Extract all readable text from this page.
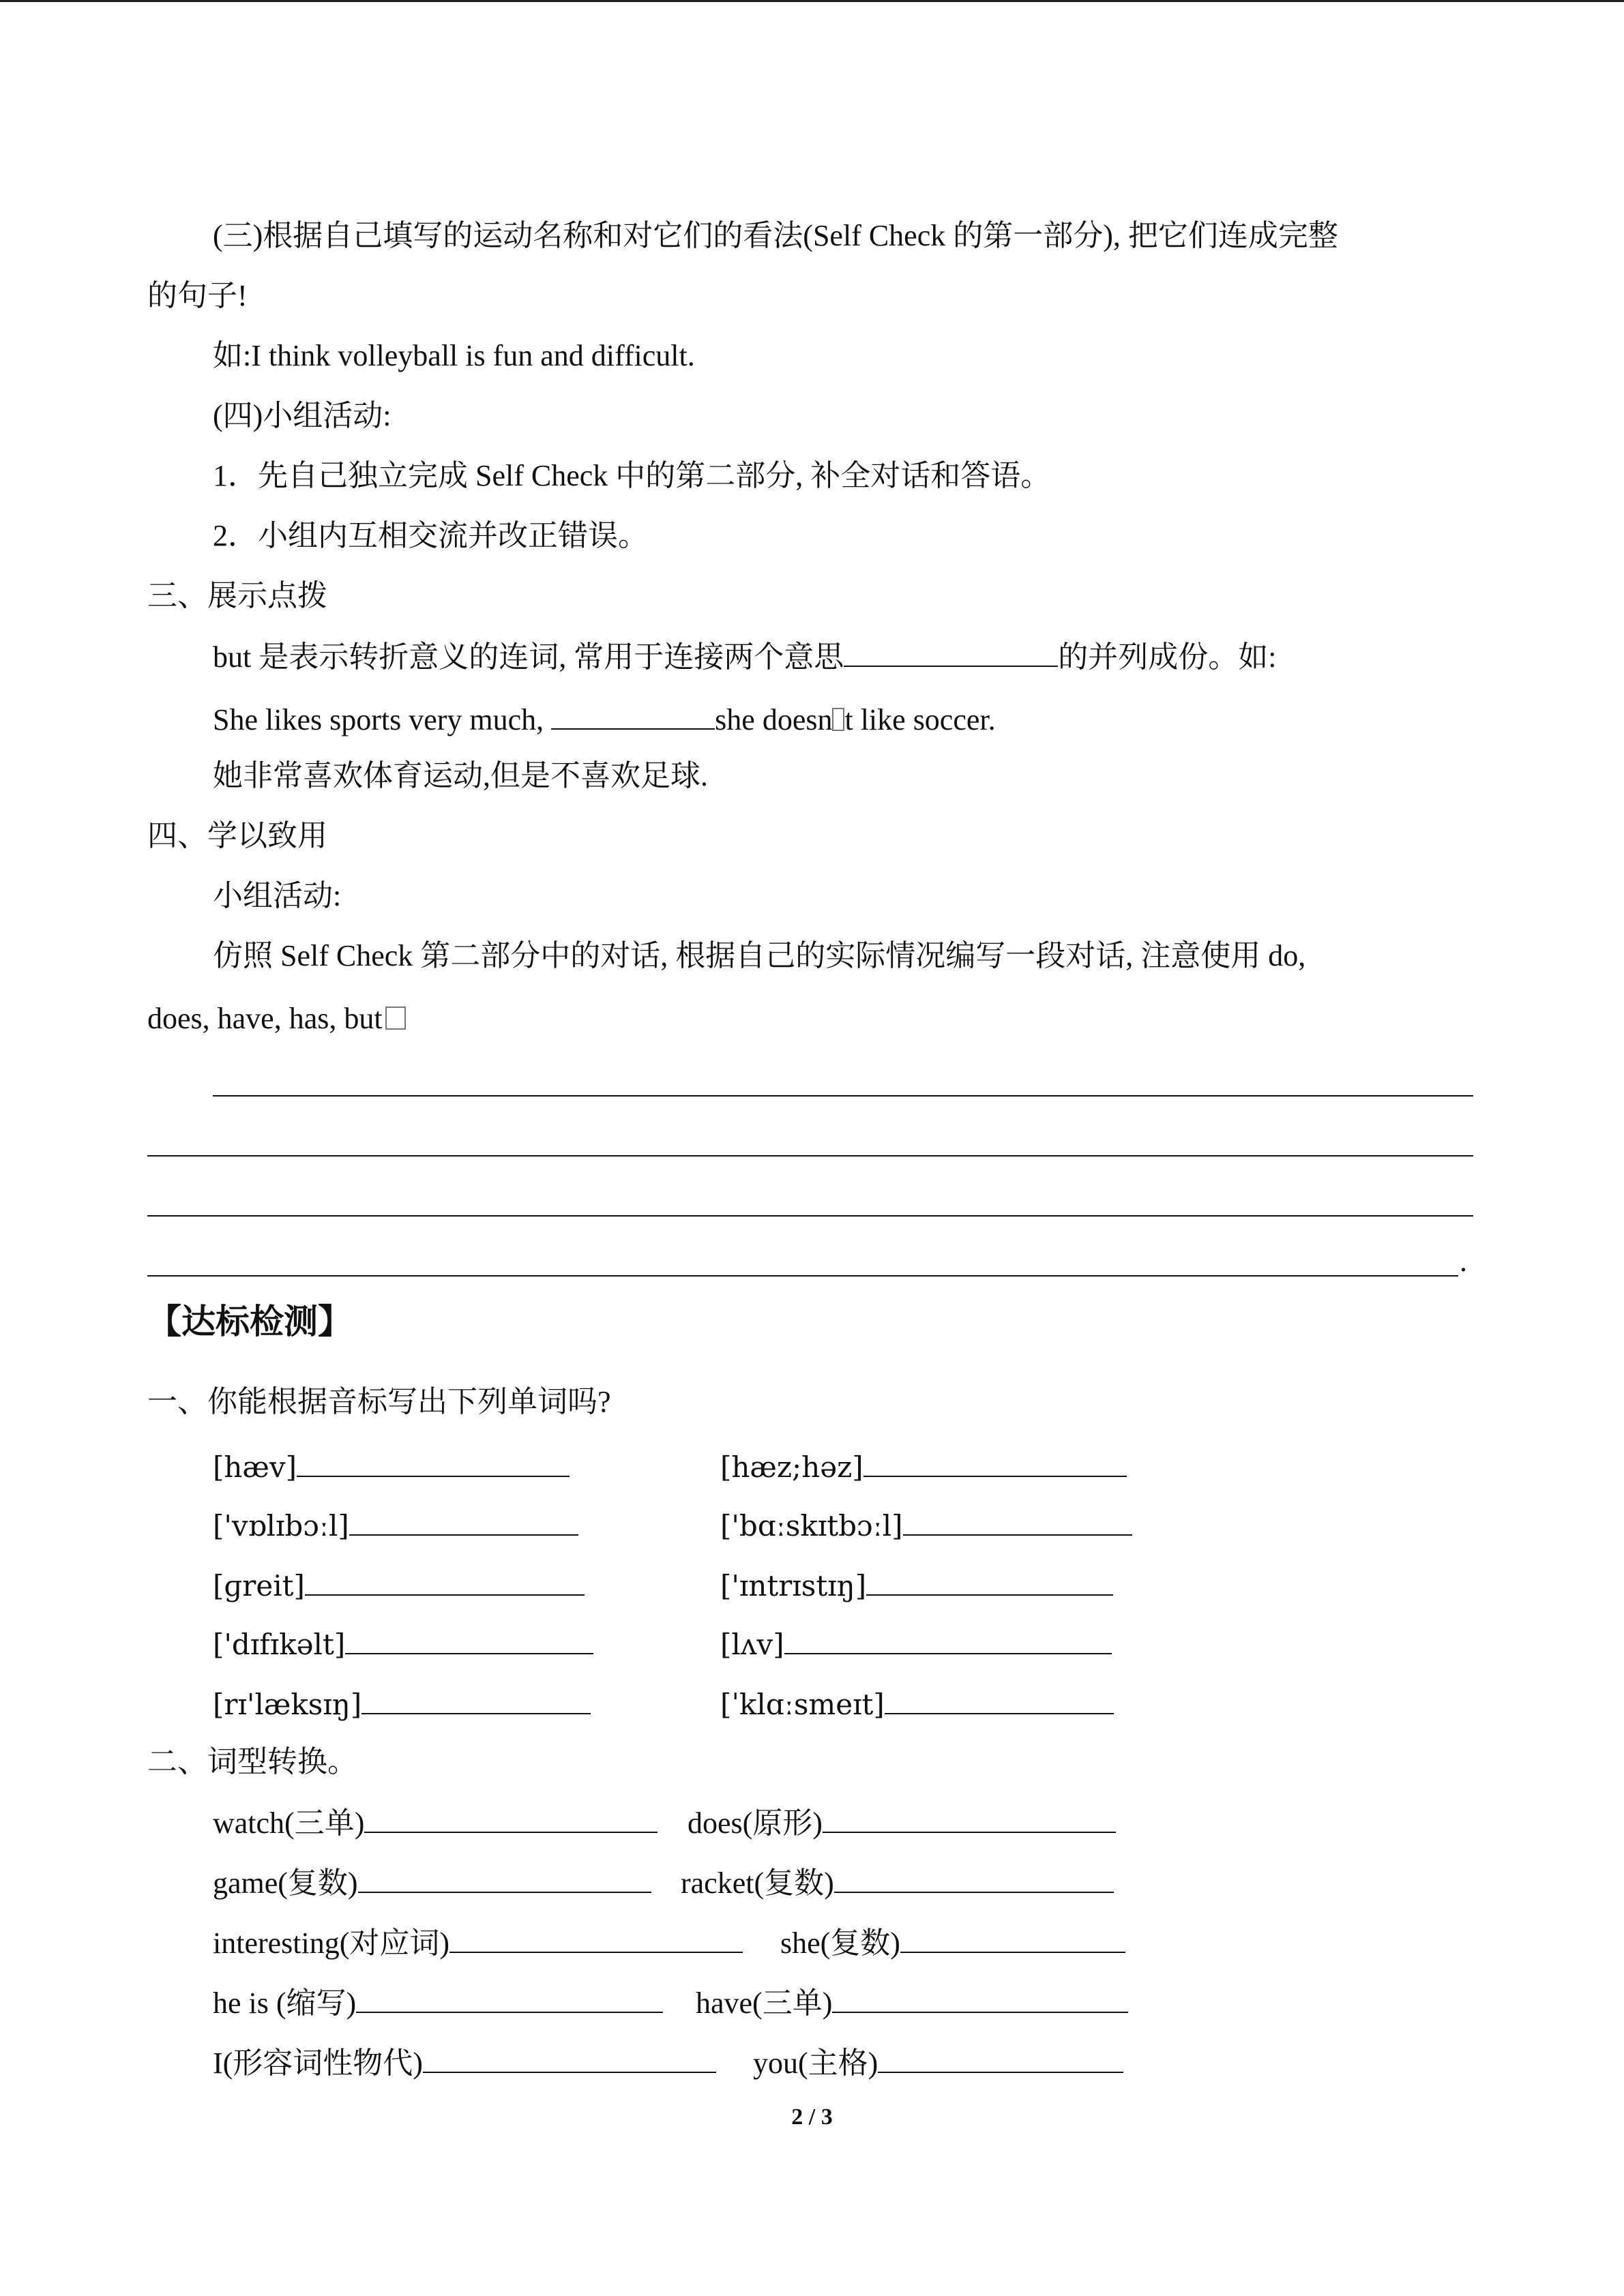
(三)根据自己填写的运动名称和对它们的看法(Self Check 的第一部分), 把它们连成完整
的句子!
如:I think volleyball is fun and difficult.
(四)小组活动:
1．先自己独立完成 Self Check 中的第二部分, 补全对话和答语。
2．小组内互相交流并改正错误。
三、展示点拨
but 是表示转折意义的连词, 常用于连接两个意思	的并列成份。如:
She likes sports very much,	she doesn t like soccer.
她非常喜欢体育运动,但是不喜欢足球.
四、学以致用
小组活动:
仿照 Self Check 第二部分中的对话, 根据自己的实际情况编写一段对话, 注意使用 do,
does, have, has, but
.
【达标检测】
一、你能根据音标写出下列单词吗?
[hæv]	[hæz;həz]
['vɒlɪbɔːl]	['bɑːskɪtbɔːl]
[ɡreit]	['ɪntrɪstɪŋ]
['dɪfɪkəlt]	[lʌv]
[rɪ'læksɪŋ]	[ˈklɑːsmeɪt]
二、词型转换。
watch(三单)	does(原形)
game(复数)	racket(复数)
interesting(对应词)	she(复数)
he is (缩写)	have(三单)
I(形容词性物代)	you(主格)
2 / 3
